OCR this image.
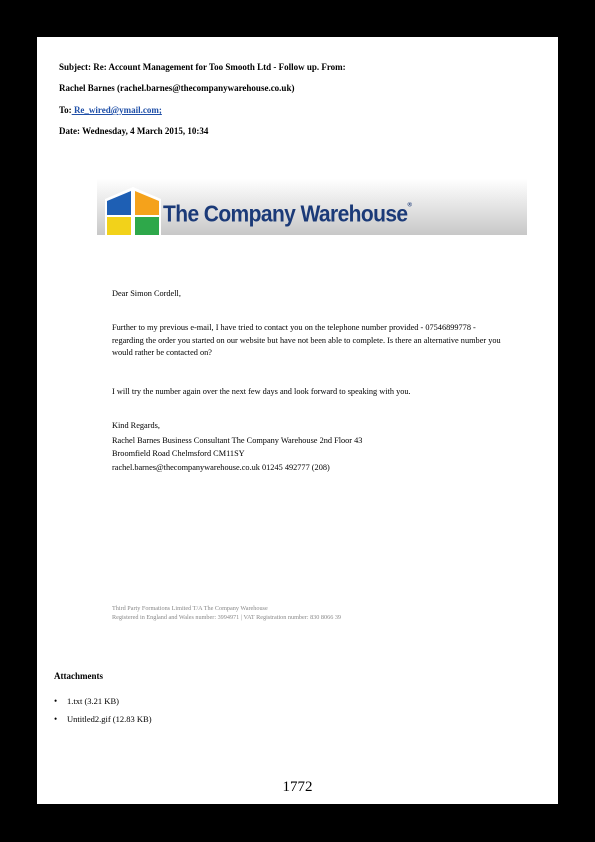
7/30/2017	Print
Subject: Re: Account Management for Too Smooth Ltd - Follow up. From:
Rachel Barnes (rachel.barnes@thecompanywarehouse.co.uk)
To: Re_wired@ymail.com;
Date: Wednesday, 4 March 2015, 10:34
The Company Warehouse®
Dear Simon Cordell,
Further to my previous e-mail, I have tried to contact you on the telephone number provided - 07546899778 - regarding the order you started on our website but have not been able to complete. Is there an alternative number you would rather be contacted on?
I will try the number again over the next few days and look forward to speaking with you.
Kind Regards,
Rachel Barnes Business Consultant The Company Warehouse 2nd Floor 43
Broomfield Road Chelmsford CM11SY
rachel.barnes@thecompanywarehouse.co.uk 01245 492777 (208)
Third Party Formations Limited T/A The Company Warehouse
Registered in England and Wales number: 3994971 | VAT Registration number: 830 8066 39
Attachments
• 1.txt (3.21 KB)
• Untitled2.gif (12.83 KB)
1772
